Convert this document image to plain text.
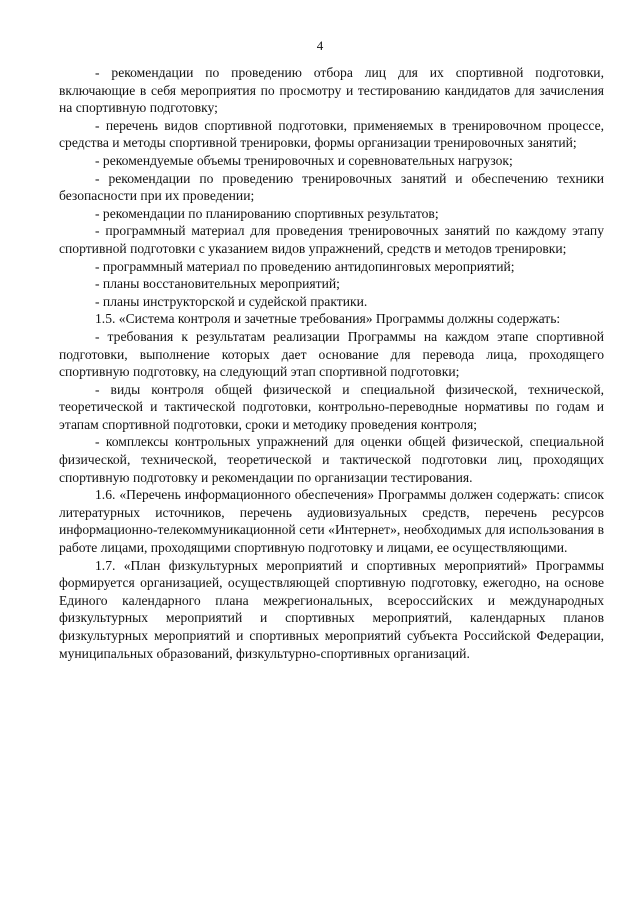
4

- рекомендации по проведению отбора лиц для их спортивной подготовки, включающие в себя мероприятия по просмотру и тестированию кандидатов для зачисления на спортивную подготовку;

- перечень видов спортивной подготовки, применяемых в тренировочном процессе, средства и методы спортивной тренировки, формы организации тренировочных занятий;

- рекомендуемые объемы тренировочных и соревновательных нагрузок;

- рекомендации по проведению тренировочных занятий и обеспечению техники безопасности при их проведении;

- рекомендации по планированию спортивных результатов;

- программный материал для проведения тренировочных занятий по каждому этапу спортивной подготовки с указанием видов упражнений, средств и методов тренировки;

- программный материал по проведению антидопинговых мероприятий;

- планы восстановительных мероприятий;

- планы инструкторской и судейской практики.

1.5. «Система контроля и зачетные требования» Программы должны содержать:

- требования к результатам реализации Программы на каждом этапе спортивной подготовки, выполнение которых дает основание для перевода лица, проходящего спортивную подготовку, на следующий этап спортивной подготовки;

- виды контроля общей физической и специальной физической, технической, теоретической и тактической подготовки, контрольно-переводные нормативы по годам и этапам спортивной подготовки, сроки и методику проведения контроля;

- комплексы контрольных упражнений для оценки общей физической, специальной физической, технической, теоретической и тактической подготовки лиц, проходящих спортивную подготовку и рекомендации по организации тестирования.

1.6. «Перечень информационного обеспечения» Программы должен содержать: список литературных источников, перечень аудиовизуальных средств, перечень ресурсов информационно-телекоммуникационной сети «Интернет», необходимых для использования в работе лицами, проходящими спортивную подготовку и лицами, ее осуществляющими.

1.7. «План физкультурных мероприятий и спортивных мероприятий» Программы формируется организацией, осуществляющей спортивную подготовку, ежегодно, на основе Единого календарного плана межрегиональных, всероссийских и международных физкультурных мероприятий и спортивных мероприятий, календарных планов физкультурных мероприятий и спортивных мероприятий субъекта Российской Федерации, муниципальных образований, физкультурно-спортивных организаций.
